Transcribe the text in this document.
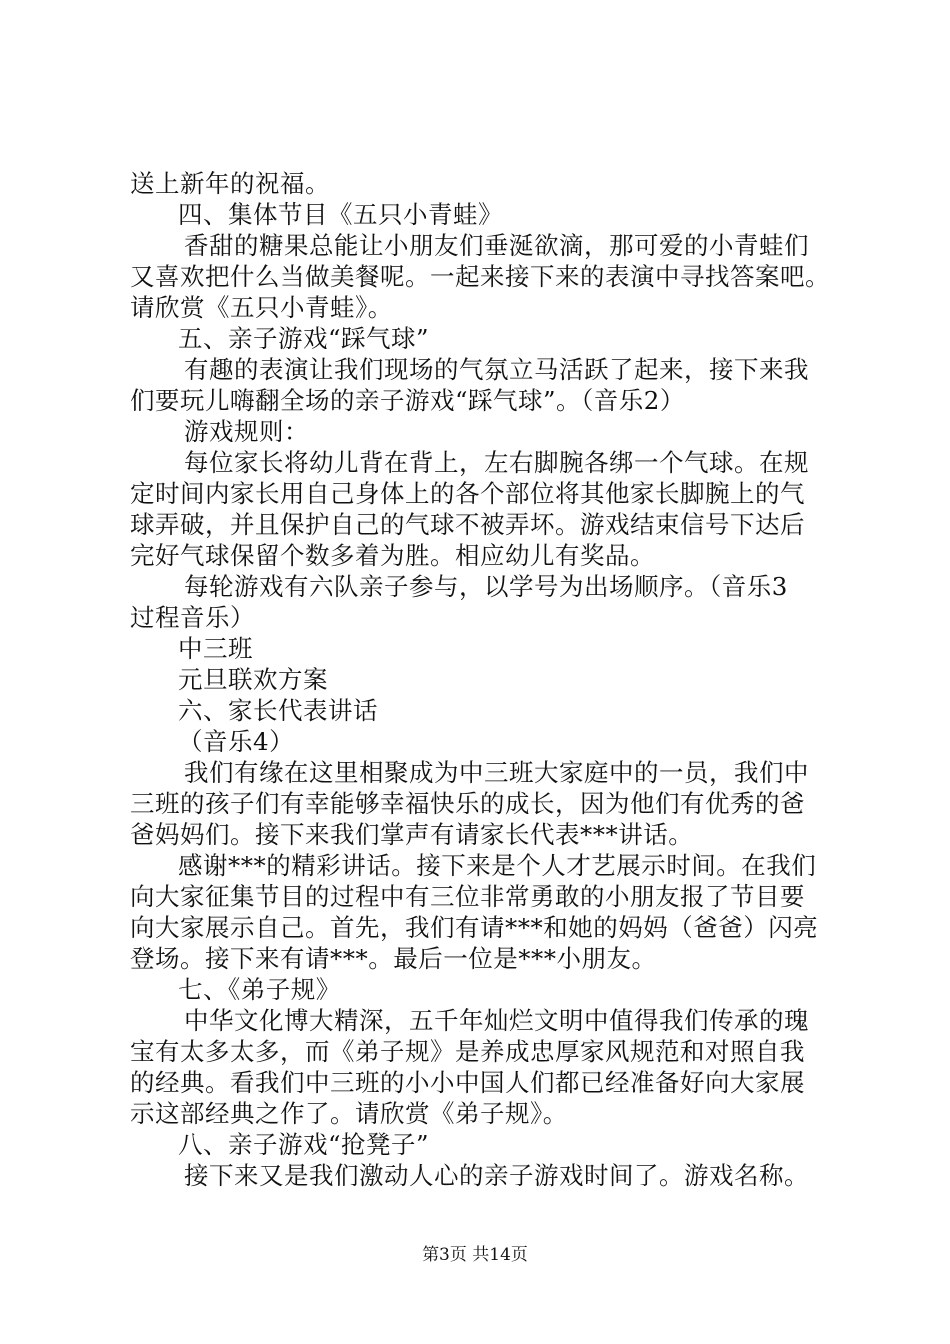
送上新年的祝福。
四、集体节目《五只小青蛙》
香甜的糖果总能让小朋友们垂涎欲滴，那可爱的小青蛙们
又喜欢把什么当做美餐呢。一起来接下来的表演中寻找答案吧。
请欣赏《五只小青蛙》。
五、亲子游戏“踩气球”
有趣的表演让我们现场的气氛立马活跃了起来，接下来我
们要玩儿嗨翻全场的亲子游戏“踩气球”。（音乐2）
游戏规则：
每位家长将幼儿背在背上，左右脚腕各绑一个气球。在规
定时间内家长用自己身体上的各个部位将其他家长脚腕上的气
球弄破，并且保护自己的气球不被弄坏。游戏结束信号下达后
完好气球保留个数多着为胜。相应幼儿有奖品。
每轮游戏有六队亲子参与，以学号为出场顺序。（音乐3
过程音乐）
中三班
元旦联欢方案
六、家长代表讲话
（音乐4）
我们有缘在这里相聚成为中三班大家庭中的一员，我们中
三班的孩子们有幸能够幸福快乐的成长，因为他们有优秀的爸
爸妈妈们。接下来我们掌声有请家长代表***讲话。
感谢***的精彩讲话。接下来是个人才艺展示时间。在我们
向大家征集节目的过程中有三位非常勇敢的小朋友报了节目要
向大家展示自己。首先，我们有请***和她的妈妈（爸爸）闪亮
登场。接下来有请***。最后一位是***小朋友。
七、《弟子规》
中华文化博大精深，五千年灿烂文明中值得我们传承的瑰
宝有太多太多，而《弟子规》是养成忠厚家风规范和对照自我
的经典。看我们中三班的小小中国人们都已经准备好向大家展
示这部经典之作了。请欣赏《弟子规》。
八、亲子游戏“抢凳子”
接下来又是我们激动人心的亲子游戏时间了。游戏名称。
第3页 共14页
